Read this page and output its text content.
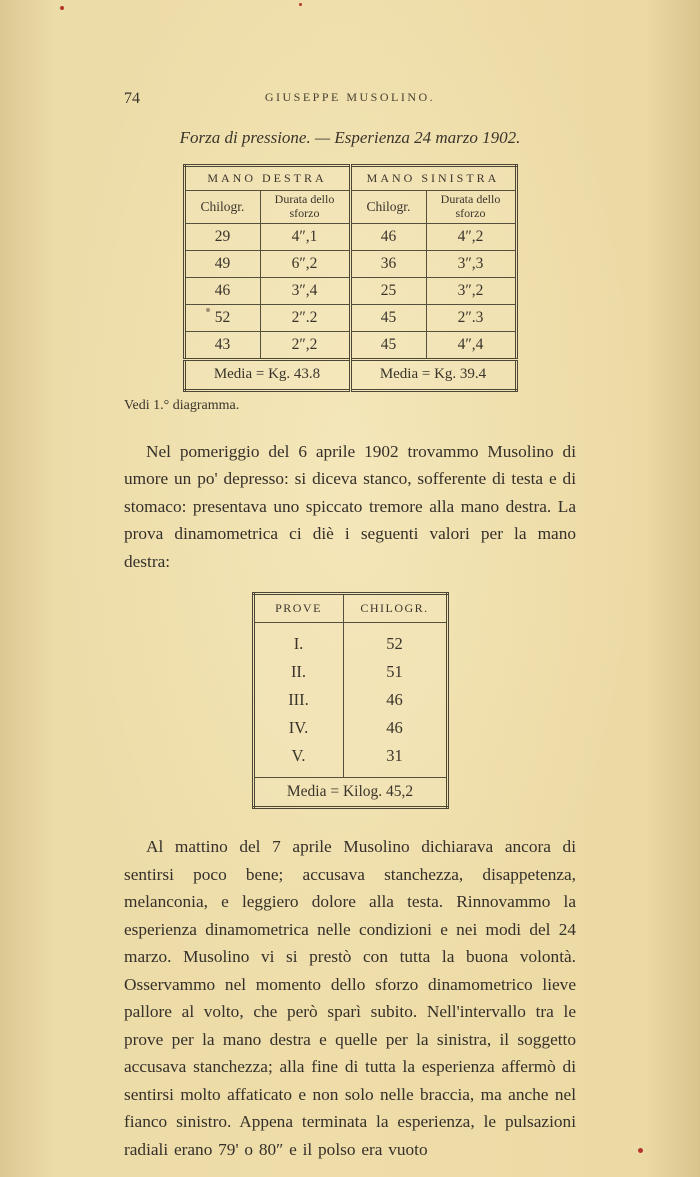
74	GIUSEPPE MUSOLINO.
Forza di pressione. — Esperienza 24 marzo 1902.
MANO DESTRA		MANO SINISTRA	
Chilogr.	Durata dello sforzo	Chilogr.	Durata dello sforzo
29	4″,1	46	4″,2
49	6″,2	36	3″,3
46	3″,4	25	3″,2
52	2″.2	45	2″.3
43	2″,2	45	4″,4
Media = Kg. 43.8		Media = Kg. 39.4	
Vedi 1.° diagramma.

Nel pomeriggio del 6 aprile 1902 trovammo Musolino di umore un po' depresso: si diceva stanco, sofferente di testa e di stomaco: presentava uno spiccato tremore alla mano destra. La prova dinamometrica ci diè i seguenti valori per la mano destra:

PROVE	CHILOGR.
I.	52
II.	51
III.	46
IV.	46
V.	31
Media = Kilog. 45,2	

Al mattino del 7 aprile Musolino dichiarava ancora di sentirsi poco bene; accusava stanchezza, disappetenza, melanconia, e leggiero dolore alla testa. Rinnovammo la esperienza dinamometrica nelle condizioni e nei modi del 24 marzo. Musolino vi si prestò con tutta la buona volontà. Osservammo nel momento dello sforzo dinamometrico lieve pallore al volto, che però sparì subito. Nell'intervallo tra le prove per la mano destra e quelle per la sinistra, il soggetto accusava stanchezza; alla fine di tutta la esperienza affermò di sentirsi molto affaticato e non solo nelle braccia, ma anche nel fianco sinistro. Appena terminata la esperienza, le pulsazioni radiali erano 79' o 80″ e il polso era vuoto
